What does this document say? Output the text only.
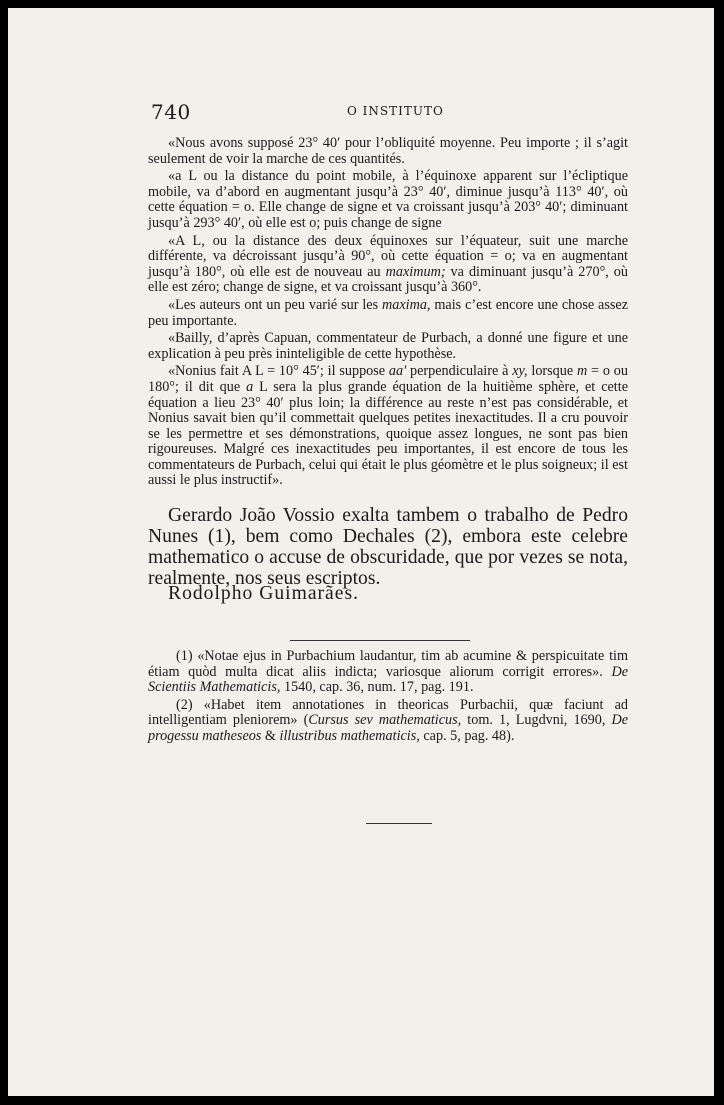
740	O INSTITUTO

«Nous avons supposé 23° 40′ pour l’obliquité moyenne. Peu importe ; il s’agit seulement de voir la marche de ces quantités.

«a L ou la distance du point mobile, à l’équinoxe apparent sur l’écliptique mobile, va d’abord en augmentant jusqu’à 23° 40′, diminue jusqu’à 113° 40′, où cette équation = o. Elle change de signe et va croissant jusqu’à 203° 40′; diminuant jusqu’à 293° 40′, où elle est o; puis change de signe

«A L, ou la distance des deux équinoxes sur l’équateur, suit une marche différente, va décroissant jusqu’à 90°, où cette équation = o; va en augmentant jusqu’à 180°, où elle est de nouveau au maximum; va diminuant jusqu’à 270°, où elle est zéro; change de signe, et va croissant jusqu’à 360°.

«Les auteurs ont un peu varié sur les maxima, mais c’est encore une chose assez peu importante.

«Bailly, d’après Capuan, commentateur de Purbach, a donné une figure et une explication à peu près ininteligible de cette hypothèse.

«Nonius fait A L = 10° 45′; il suppose aa′ perpendiculaire à xy, lorsque m = o ou 180°; il dit que a L sera la plus grande équation de la huitième sphère, et cette équation a lieu 23° 40′ plus loin; la différence au reste n’est pas considérable, et Nonius savait bien qu’il commettait quelques petites inexactitudes. Il a cru pouvoir se les permettre et ses démonstrations, quoique assez longues, ne sont pas bien rigoureuses. Malgré ces inexactitudes peu importantes, il est encore de tous les commentateurs de Purbach, celui qui était le plus géomètre et le plus soigneux; il est aussi le plus instructif».

Gerardo João Vossio exalta tambem o trabalho de Pedro Nunes (1), bem como Dechales (2), embora este celebre mathematico o accuse de obscuridade, que por vezes se nota, realmente, nos seus escriptos.

Rodolpho Guimarães.

(1) «Notae ejus in Purbachium laudantur, tim ab acumine & perspicuitate tim étiam quòd multa dicat aliis indicta; variosque aliorum corrigit errores». De Scientiis Mathematicis, 1540, cap. 36, num. 17, pag. 191.

(2) «Habet item annotationes in theoricas Purbachii, quæ faciunt ad intelligentiam pleniorem» (Cursus sev mathematicus, tom. 1, Lugdvni, 1690, De progessu matheseos & illustribus mathematicis, cap. 5, pag. 48).
